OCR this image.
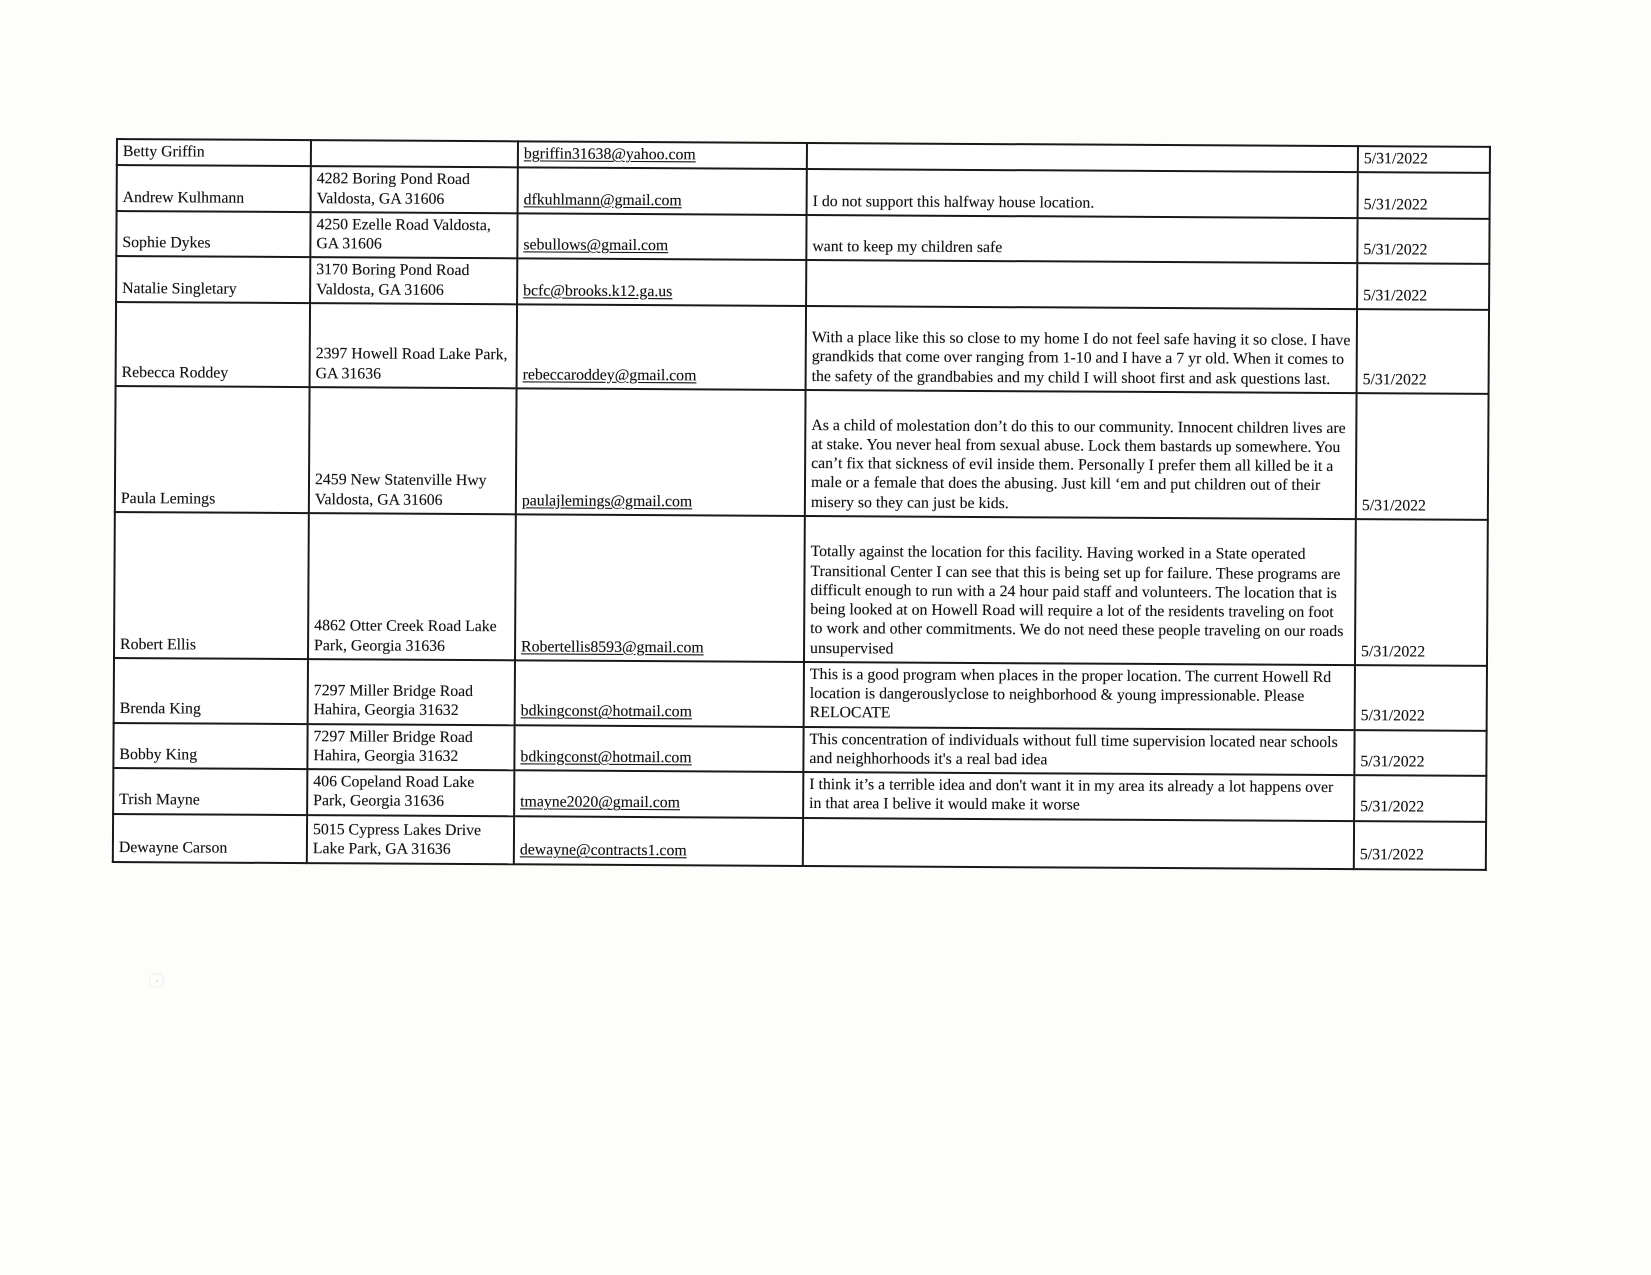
Betty Griffin		bgriffin31638@yahoo.com		5/31/2022
Andrew Kulhmann	4282 Boring Pond Road Valdosta, GA 31606	dfkuhlmann@gmail.com	I do not support this halfway house location.	5/31/2022
Sophie Dykes	4250 Ezelle Road Valdosta, GA 31606	sebullows@gmail.com	want to keep my children safe	5/31/2022
Natalie Singletary	3170 Boring Pond Road Valdosta, GA 31606	bcfc@brooks.k12.ga.us		5/31/2022
Rebecca Roddey	2397 Howell Road Lake Park, GA 31636	rebeccaroddey@gmail.com	With a place like this so close to my home I do not feel safe having it so close. I have grandkids that come over ranging from 1-10 and I have a 7 yr old. When it comes to the safety of the grandbabies and my child I will shoot first and ask questions last.	5/31/2022
Paula Lemings	2459 New Statenville Hwy Valdosta, GA 31606	paulajlemings@gmail.com	As a child of molestation don’t do this to our community. Innocent children lives are at stake. You never heal from sexual abuse. Lock them bastards up somewhere. You can’t fix that sickness of evil inside them. Personally I prefer them all killed be it a male or a female that does the abusing. Just kill ‘em and put children out of their misery so they can just be kids.	5/31/2022
Robert Ellis	4862 Otter Creek Road Lake Park, Georgia 31636	Robertellis8593@gmail.com	Totally against the location for this facility. Having worked in a State operated Transitional Center I can see that this is being set up for failure. These programs are difficult enough to run with a 24 hour paid staff and volunteers. The location that is being looked at on Howell Road will require a lot of the residents traveling on foot to work and other commitments. We do not need these people traveling on our roads unsupervised	5/31/2022
Brenda King	7297 Miller Bridge Road Hahira, Georgia 31632	bdkingconst@hotmail.com	This is a good program when places in the proper location. The current Howell Rd location is dangerouslyclose to neighborhood & young impressionable. Please RELOCATE	5/31/2022
Bobby King	7297 Miller Bridge Road Hahira, Georgia 31632	bdkingconst@hotmail.com	This concentration of individuals without full time supervision located near schools and neighhorhoods it's a real bad idea	5/31/2022
Trish Mayne	406 Copeland Road Lake Park, Georgia 31636	tmayne2020@gmail.com	I think it’s a terrible idea and don't want it in my area its already a lot happens over in that area I belive it would make it worse	5/31/2022
Dewayne Carson	5015 Cypress Lakes Drive Lake Park, GA 31636	dewayne@contracts1.com		5/31/2022
